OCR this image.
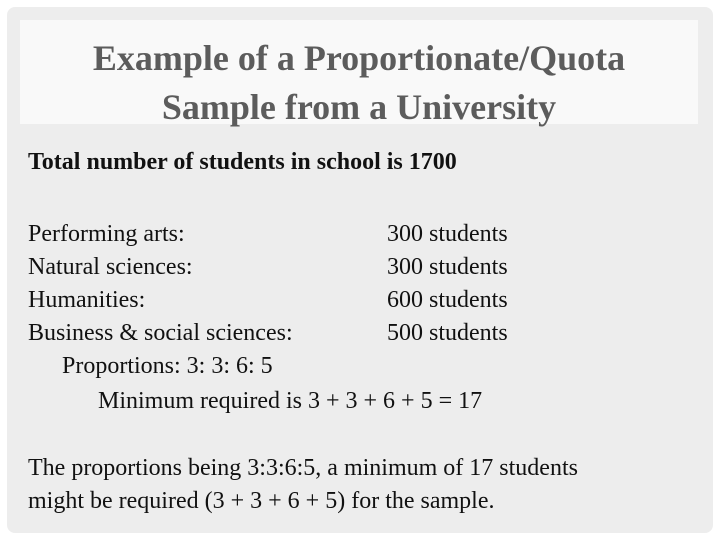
Example of a Proportionate/Quota
Sample from a University
Total number of students in school is 1700
Performing arts:	300 students
Natural sciences:	300 students
Humanities:	600 students
Business & social sciences:	500 students
Proportions: 3: 3: 6: 5
Minimum required is 3 + 3 + 6 + 5 = 17
The proportions being 3:3:6:5, a minimum of 17 students
might be required (3 + 3 + 6 + 5) for the sample.
